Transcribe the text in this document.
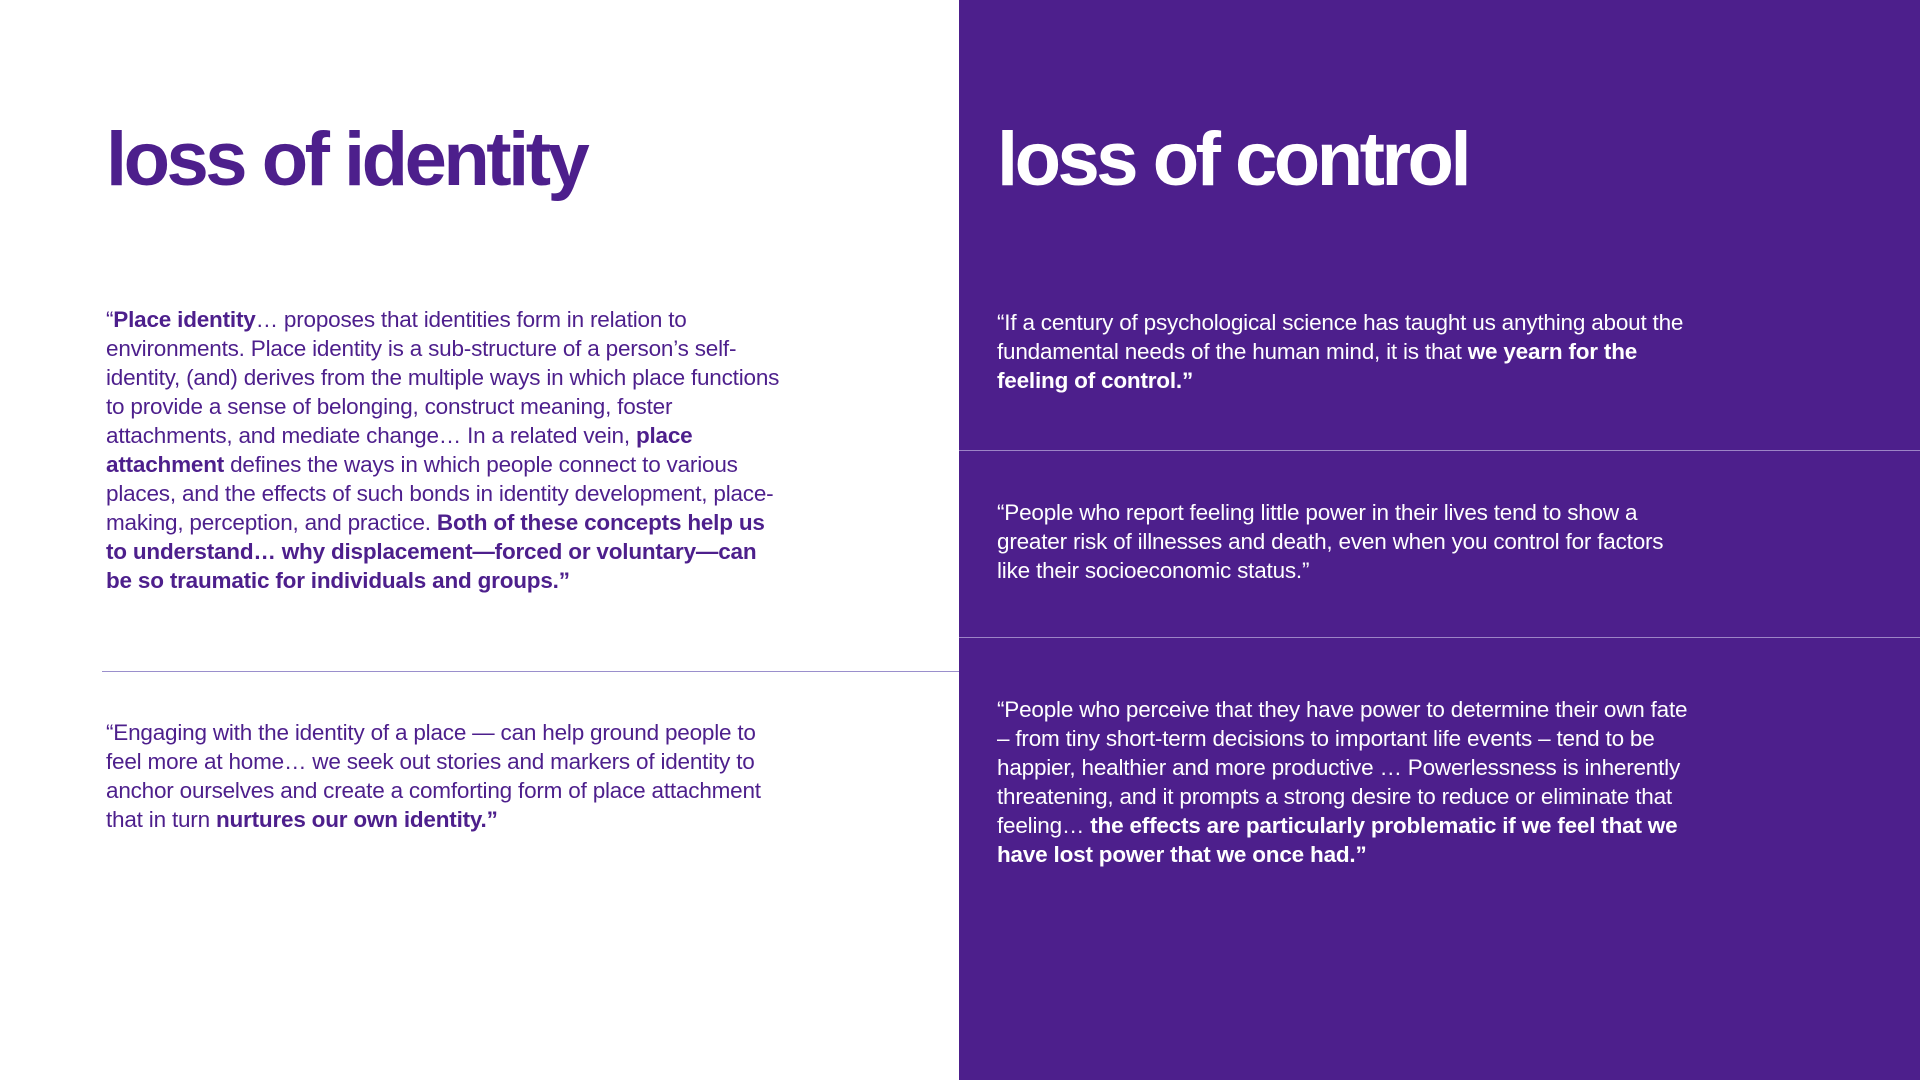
loss of identity	loss of control

“Place identity… proposes that identities form in relation to environments. Place identity is a sub-structure of a person’s self-identity, (and) derives from the multiple ways in which place functions to provide a sense of belonging, construct meaning, foster attachments, and mediate change… In a related vein, place attachment defines the ways in which people connect to various places, and the effects of such bonds in identity development, place-making, perception, and practice. Both of these concepts help us to understand… why displacement—forced or voluntary—can be so traumatic for individuals and groups.”

“Engaging with the identity of a place — can help ground people to feel more at home… we seek out stories and markers of identity to anchor ourselves and create a comforting form of place attachment that in turn nurtures our own identity.”

“If a century of psychological science has taught us anything about the fundamental needs of the human mind, it is that we yearn for the feeling of control.”

“People who report feeling little power in their lives tend to show a greater risk of illnesses and death, even when you control for factors like their socioeconomic status.”

“People who perceive that they have power to determine their own fate – from tiny short-term decisions to important life events – tend to be happier, healthier and more productive … Powerlessness is inherently threatening, and it prompts a strong desire to reduce or eliminate that feeling… the effects are particularly problematic if we feel that we have lost power that we once had.”
